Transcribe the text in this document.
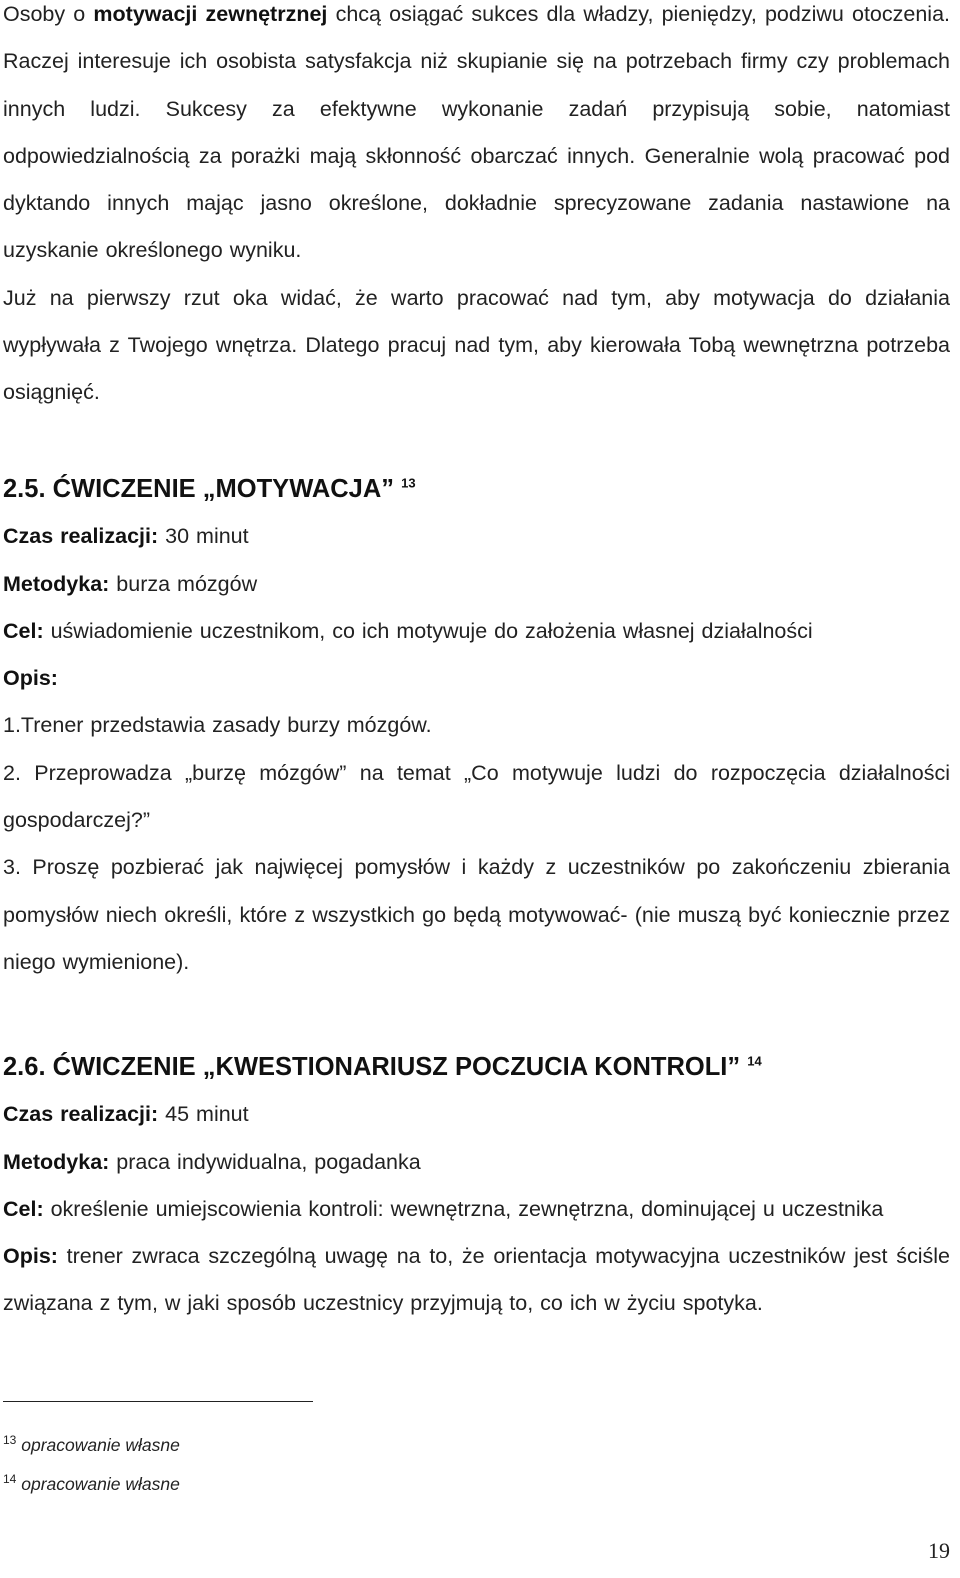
Osoby o motywacji zewnętrznej chcą osiągać sukces dla władzy, pieniędzy, podziwu otoczenia. Raczej interesuje ich osobista satysfakcja niż skupianie się na potrzebach firmy czy problemach innych ludzi. Sukcesy za efektywne wykonanie zadań przypisują sobie, natomiast odpowiedzialnością za porażki mają skłonność obarczać innych. Generalnie wolą pracować pod dyktando innych mając jasno określone, dokładnie sprecyzowane zadania nastawione na uzyskanie określonego wyniku.

Już na pierwszy rzut oka widać, że warto pracować nad tym, aby motywacja do działania wypływała z Twojego wnętrza. Dlatego pracuj nad tym, aby kierowała Tobą wewnętrzna potrzeba osiągnięć.

2.5. ĆWICZENIE „MOTYWACJA” $^{13}$

Czas realizacji: 30 minut

Metodyka: burza mózgów

Cel: uświadomienie uczestnikom, co ich motywuje do założenia własnej działalności

Opis:

1.Trener przedstawia zasady burzy mózgów.

2. Przeprowadza „burzę mózgów” na temat „Co motywuje ludzi do rozpoczęcia działalności gospodarczej?”

3. Proszę pozbierać jak najwięcej pomysłów i każdy z uczestników po zakończeniu zbierania pomysłów niech określi, które z wszystkich go będą motywować- (nie muszą być koniecznie przez niego wymienione).

2.6. ĆWICZENIE „KWESTIONARIUSZ POCZUCIA KONTROLI” $^{14}$

Czas realizacji: 45 minut

Metodyka: praca indywidualna, pogadanka

Cel: określenie umiejscowienia kontroli: wewnętrzna, zewnętrzna, dominującej u uczestnika

Opis: trener zwraca szczególną uwagę na to, że orientacja motywacyjna uczestników jest ściśle związana z tym, w jaki sposób uczestnicy przyjmują to, co ich w życiu spotyka.

$^{13}$ opracowanie własne

$^{14}$ opracowanie własne

19
